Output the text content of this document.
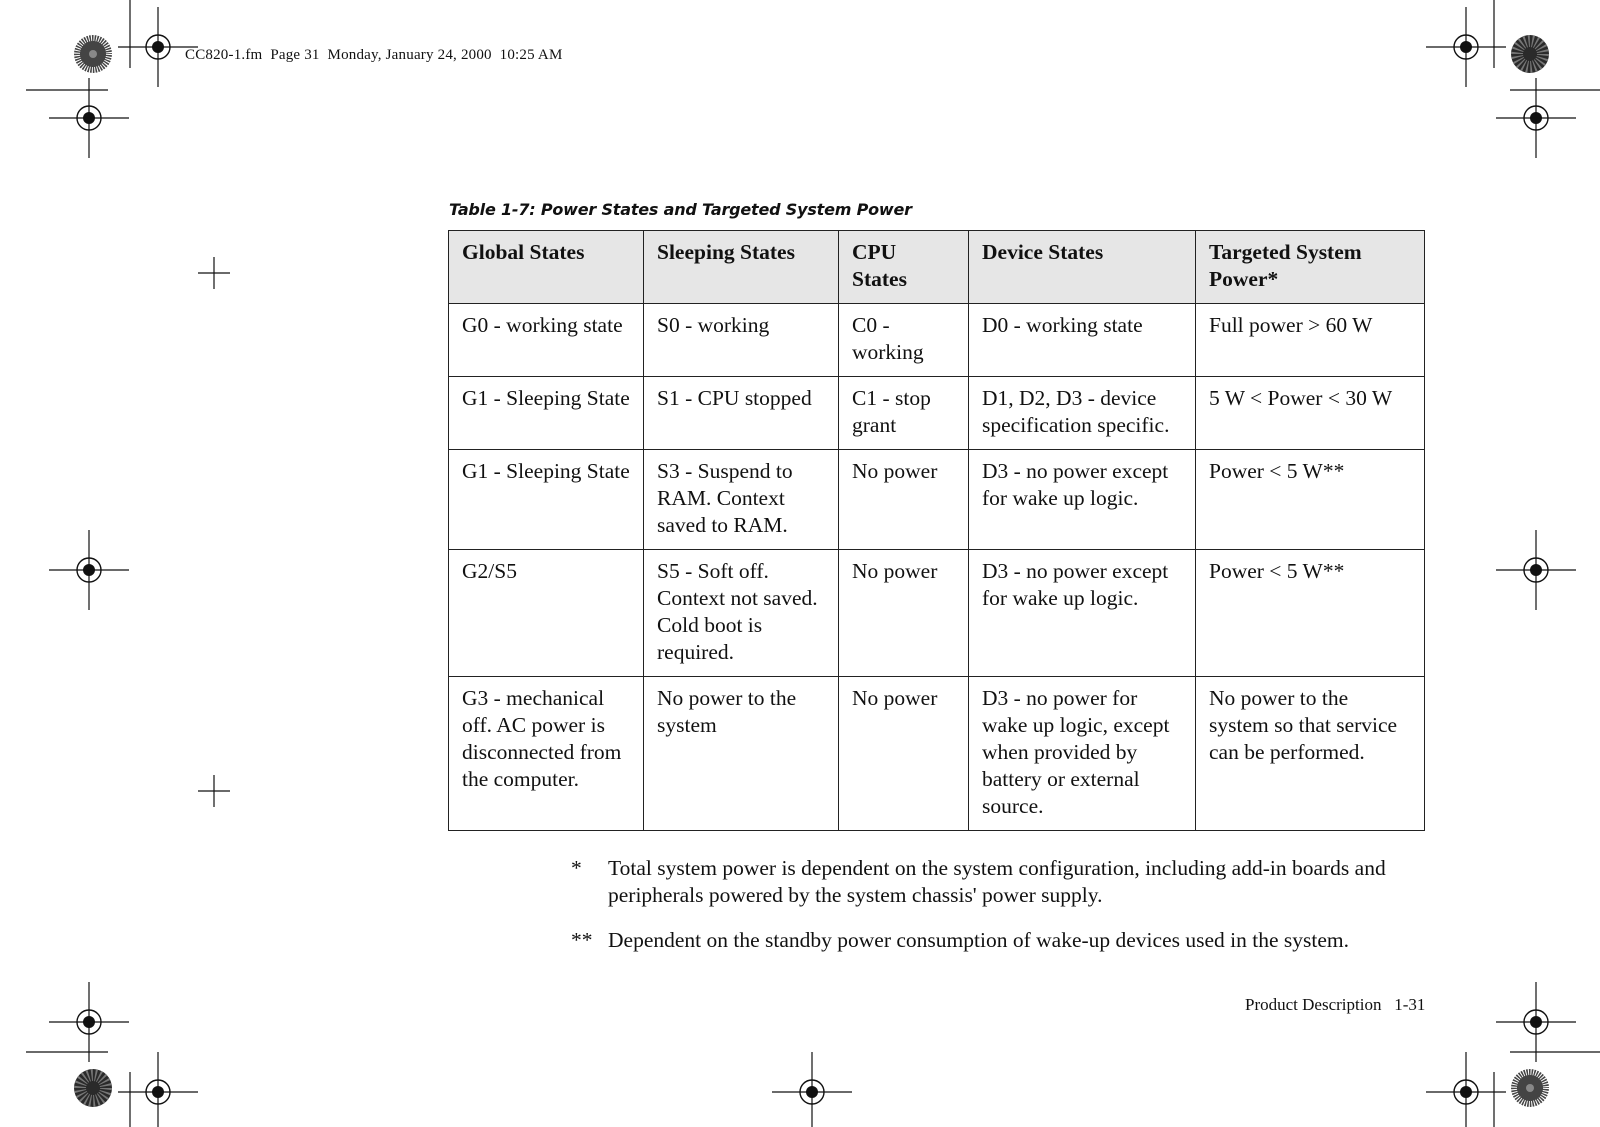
CC820-1.fm  Page 31  Monday, January 24, 2000  10:25 AM
Table 1-7: Power States and Targeted System Power
Global States	Sleeping States	CPU States	Device States	Targeted System Power*
G0 - working state	S0 - working	C0 - working	D0 - working state	Full power > 60 W
G1 - Sleeping State	S1 - CPU stopped	C1 - stop grant	D1, D2, D3 - device specification specific.	5 W < Power < 30 W
G1 - Sleeping State	S3 - Suspend to RAM. Context saved to RAM.	No power	D3 - no power except for wake up logic.	Power < 5 W**
G2/S5	S5 - Soft off. Context not saved. Cold boot is required.	No power	D3 - no power except for wake up logic.	Power < 5 W**
G3 - mechanical off. AC power is disconnected from the computer.	No power to the system	No power	D3 - no power for wake up logic, except when provided by battery or external source.	No power to the system so that service can be performed.
*	Total system power is dependent on the system configuration, including add-in boards and peripherals powered by the system chassis' power supply.
** Dependent on the standby power consumption of wake-up devices used in the system.
Product Description 1-31
